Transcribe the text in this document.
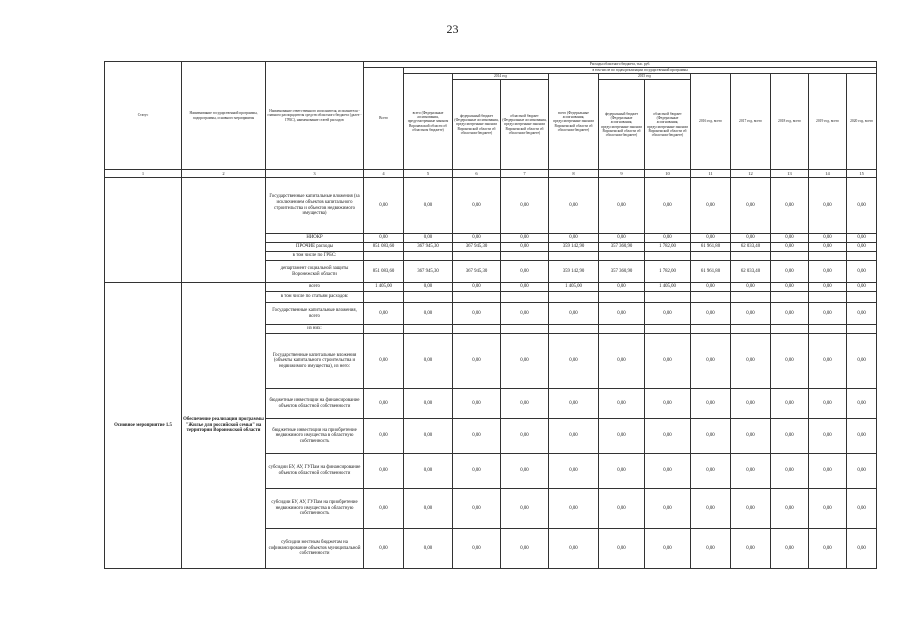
23
Статус	Наименование государственной программы, подпрограммы, основного мероприятия	Наименование ответственного исполнителя, исполнителя - главного распорядителя средств областного бюджета (далее - ГРБС), наименование статей расходов	Расходы областного бюджета, тыс. руб.											
			Всего	в том числе по годам реализации государственной программы										
				всего (Федеральные ассигнования, предусмотренные законом Воронежской области об областном бюджете)	2014 год		всего (Федеральные ассигнования, предусмотренные законом Воронежской области об областном бюджете)	2015 год		2016 год, всего	2017 год, всего	2018 год, всего	2019 год, всего	2020 год, всего
					федеральный бюджет (Федеральные ассигнования, предусмотренные законом Воронежской области об областном бюджете)	областной бюджет (Федеральные ассигнования, предусмотренные законом Воронежской области об областном бюджете)		федеральный бюджет (Федеральные ассигнования, предусмотренные законом Воронежской области об областном бюджете)	областной бюджет (Федеральные ассигнования, предусмотренные законом Воронежской области об областном бюджете)					
1	2	3	4	5	6	7	8	9	10	11	12	13	14	15
		Государственные капитальные вложения (за исключением объектов капитального строительства и объектов недвижимого имущества)	0,00	0,00	0,00	0,00	0,00	0,00	0,00	0,00	0,00	0,00	0,00	0,00
		НИОКР	0,00	0,00	0,00	0,00	0,00	0,00	0,00	0,00	0,00	0,00	0,00	0,00
		ПРОЧИЕ расходы	851 083,60	367 945,30	367 945,30	0,00	359 142,90	357 360,90	1 782,00	61 961,80	62 033,40	0,00	0,00	0,00
		в том числе по ГРБС:												
		департамент социальной защиты Воронежской области	851 083,60	367 945,30	367 945,30	0,00	359 142,90	357 360,90	1 782,00	61 961,80	62 033,40	0,00	0,00	0,00
Основное мероприятие 1.5	Обеспечение реализации программы "Жилье для российской семьи" на территории Воронежской области	всего	1 405,00	0,00	0,00	0,00	1 405,00	0,00	1 405,00	0,00	0,00	0,00	0,00	0,00
		в том числе по статьям расходов:												
		Государственные капитальные вложения, всего	0,00	0,00	0,00	0,00	0,00	0,00	0,00	0,00	0,00	0,00	0,00	0,00
		из них:												
		Государственные капитальные вложения (объекты капитального строительства и недвижимого имущества), из него:	0,00	0,00	0,00	0,00	0,00	0,00	0,00	0,00	0,00	0,00	0,00	0,00
		бюджетные инвестиции на финансирование объектов областной собственности	0,00	0,00	0,00	0,00	0,00	0,00	0,00	0,00	0,00	0,00	0,00	0,00
		бюджетные инвестиции на приобретение недвижимого имущества в областную собственность	0,00	0,00	0,00	0,00	0,00	0,00	0,00	0,00	0,00	0,00	0,00	0,00
		субсидии БУ, АУ, ГУПам на финансирование объектов областной собственности	0,00	0,00	0,00	0,00	0,00	0,00	0,00	0,00	0,00	0,00	0,00	0,00
		субсидии БУ, АУ, ГУПам на приобретение недвижимого имущества в областную собственность	0,00	0,00	0,00	0,00	0,00	0,00	0,00	0,00	0,00	0,00	0,00	0,00
		субсидии местным бюджетам на софинансирование объектов муниципальной собственности	0,00	0,00	0,00	0,00	0,00	0,00	0,00	0,00	0,00	0,00	0,00	0,00
